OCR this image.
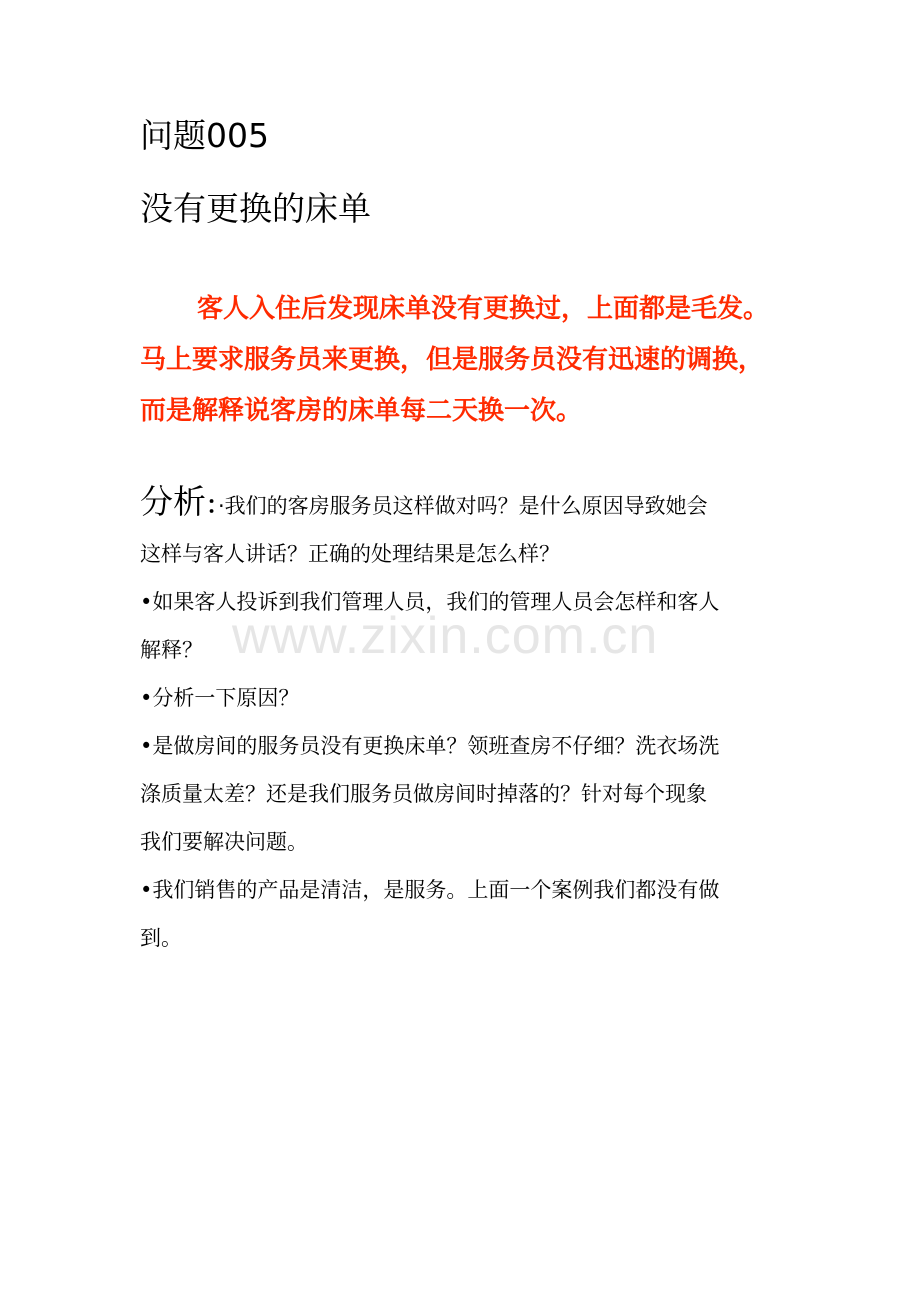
问题005
没有更换的床单

客人入住后发现床单没有更换过，上面都是毛发。

马上要求服务员来更换，但是服务员没有迅速的调换，

而是解释说客房的床单每二天换一次。

www.zixin.com.cn

分析：·我们的客房服务员这样做对吗？是什么原因导致她会

这样与客人讲话？正确的处理结果是怎么样？

•如果客人投诉到我们管理人员，我们的管理人员会怎样和客人

解释？

•分析一下原因？

•是做房间的服务员没有更换床单？领班查房不仔细？洗衣场洗

涤质量太差？还是我们服务员做房间时掉落的？针对每个现象

我们要解决问题。

•我们销售的产品是清洁，是服务。上面一个案例我们都没有做

到。
